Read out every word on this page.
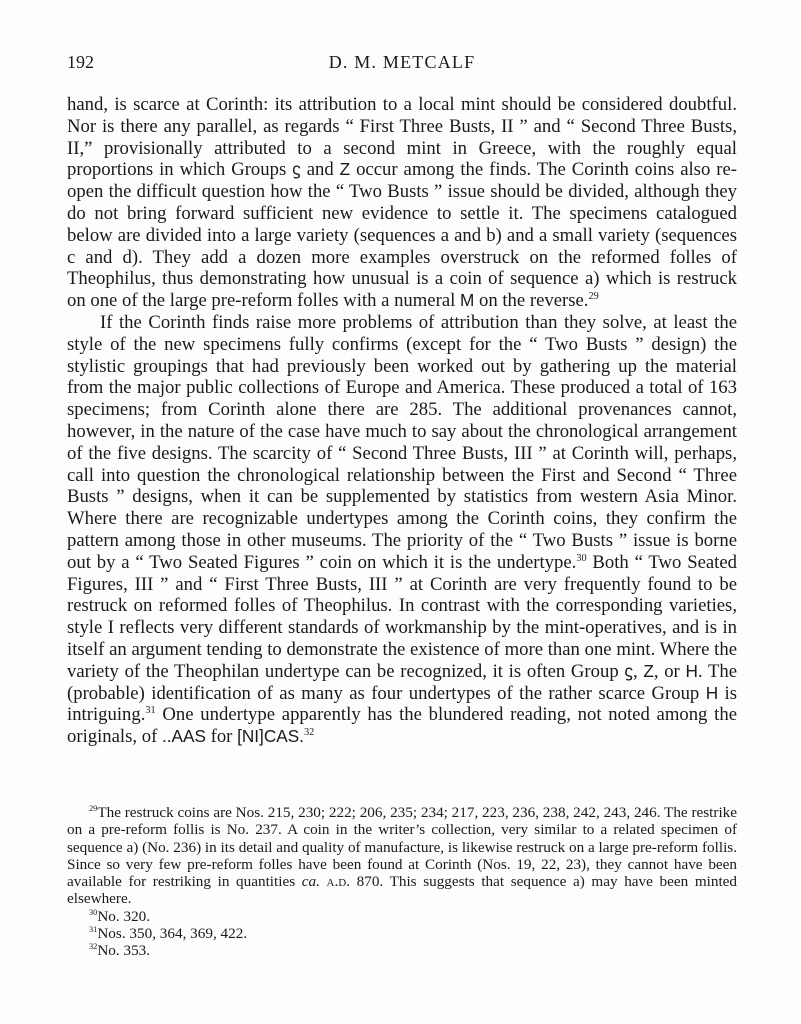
192	D. M. METCALF

hand, is scarce at Corinth: its attribution to a local mint should be considered doubtful. Nor is there any parallel, as regards “ First Three Busts, II ” and “ Second Three Busts, II,” provisionally attributed to a second mint in Greece, with the roughly equal proportions in which Groups ϛ and Z occur among the finds. The Corinth coins also re-open the difficult question how the “ Two Busts ” issue should be divided, although they do not bring forward sufficient new evidence to settle it. The specimens catalogued below are divided into a large variety (sequences a and b) and a small variety (sequences c and d). They add a dozen more examples overstruck on the reformed folles of Theophilus, thus demonstrating how unusual is a coin of sequence a) which is restruck on one of the large pre-reform folles with a numeral M on the reverse.$^{29}$

If the Corinth finds raise more problems of attribution than they solve, at least the style of the new specimens fully confirms (except for the “ Two Busts ” design) the stylistic groupings that had previously been worked out by gathering up the material from the major public collections of Europe and America. These produced a total of 163 specimens; from Corinth alone there are 285. The additional provenances cannot, however, in the nature of the case have much to say about the chronological arrangement of the five designs. The scarcity of “ Second Three Busts, III ” at Corinth will, perhaps, call into question the chronological relationship between the First and Second “ Three Busts ” designs, when it can be supplemented by statistics from western Asia Minor. Where there are recognizable undertypes among the Corinth coins, they confirm the pattern among those in other museums. The priority of the “ Two Busts ” issue is borne out by a “ Two Seated Figures ” coin on which it is the undertype.$^{30}$ Both “ Two Seated Figures, III ” and “ First Three Busts, III ” at Corinth are very frequently found to be restruck on reformed folles of Theophilus. In contrast with the corresponding varieties, style I reflects very different standards of workmanship by the mint-operatives, and is in itself an argument tending to demonstrate the existence of more than one mint. Where the variety of the Theophilan undertype can be recognized, it is often Group ϛ, Z, or H. The (probable) identification of as many as four undertypes of the rather scarce Group H is intriguing.$^{31}$ One undertype apparently has the blundered reading, not noted among the originals, of ..AAS for [NI]CAS.$^{32}$

$^{29}$The restruck coins are Nos. 215, 230; 222; 206, 235; 234; 217, 223, 236, 238, 242, 243, 246. The restrike on a pre-reform follis is No. 237. A coin in the writer’s collection, very similar to a related specimen of sequence a) (No. 236) in its detail and quality of manufacture, is likewise restruck on a large pre-reform follis. Since so very few pre-reform folles have been found at Corinth (Nos. 19, 22, 23), they cannot have been available for restriking in quantities ca. a.d. 870. This suggests that sequence a) may have been minted elsewhere.

$^{30}$No. 320.

$^{31}$Nos. 350, 364, 369, 422.

$^{32}$No. 353.
